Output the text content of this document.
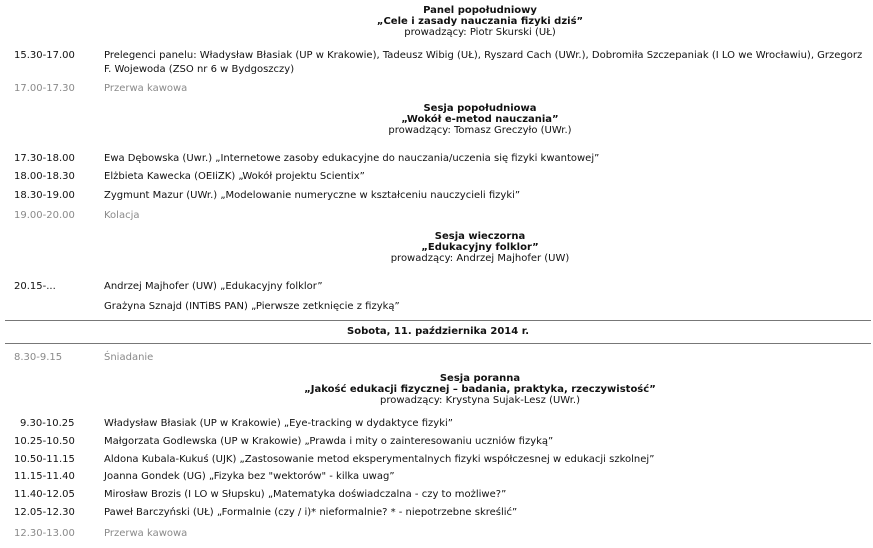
Panel popołudniowy
„Cele i zasady nauczania fizyki dziś”
prowadzący: Piotr Skurski (UŁ)
15.30-17.00	Prelegenci panelu: Władysław Błasiak (UP w Krakowie), Tadeusz Wibig (UŁ), Ryszard Cach (UWr.), Dobromiła Szczepaniak (I LO we Wrocławiu), Grzegorz F. Wojewoda (ZSO nr 6 w Bydgoszczy)
17.00-17.30	Przerwa kawowa
Sesja popołudniowa
„Wokół e-metod nauczania”
prowadzący: Tomasz Greczyło (UWr.)
17.30-18.00	Ewa Dębowska (Uwr.) „Internetowe zasoby edukacyjne do nauczania/uczenia się fizyki kwantowej”
18.00-18.30	Elżbieta Kawecka (OEIiZK) „Wokół projektu Scientix”
18.30-19.00	Zygmunt Mazur (UWr.) „Modelowanie numeryczne w kształceniu nauczycieli fizyki”
19.00-20.00	Kolacja
Sesja wieczorna
„Edukacyjny folklor”
prowadzący: Andrzej Majhofer (UW)
20.15-...	Andrzej Majhofer (UW) „Edukacyjny folklor”
Grażyna Sznajd (INTiBS PAN) „Pierwsze zetknięcie z fizyką”
Sobota, 11. października 2014 r.
8.30-9.15	Śniadanie
Sesja poranna
„Jakość edukacji fizycznej – badania, praktyka, rzeczywistość”
prowadzący: Krystyna Sujak-Lesz (UWr.)
9.30-10.25	Władysław Błasiak (UP w Krakowie) „Eye-tracking w dydaktyce fizyki”
10.25-10.50	Małgorzata Godlewska (UP w Krakowie) „Prawda i mity o zainteresowaniu uczniów fizyką”
10.50-11.15	Aldona Kubala-Kukuś (UJK) „Zastosowanie metod eksperymentalnych fizyki współczesnej w edukacji szkolnej”
11.15-11.40	Joanna Gondek (UG) „Fizyka bez "wektorów" - kilka uwag”
11.40-12.05	Mirosław Brozis (I LO w Słupsku) „Matematyka doświadczalna - czy to możliwe?”
12.05-12.30	Paweł Barczyński (UŁ) „Formalnie (czy / i)* nieformalnie? * - niepotrzebne skreślić”
12.30-13.00	Przerwa kawowa
